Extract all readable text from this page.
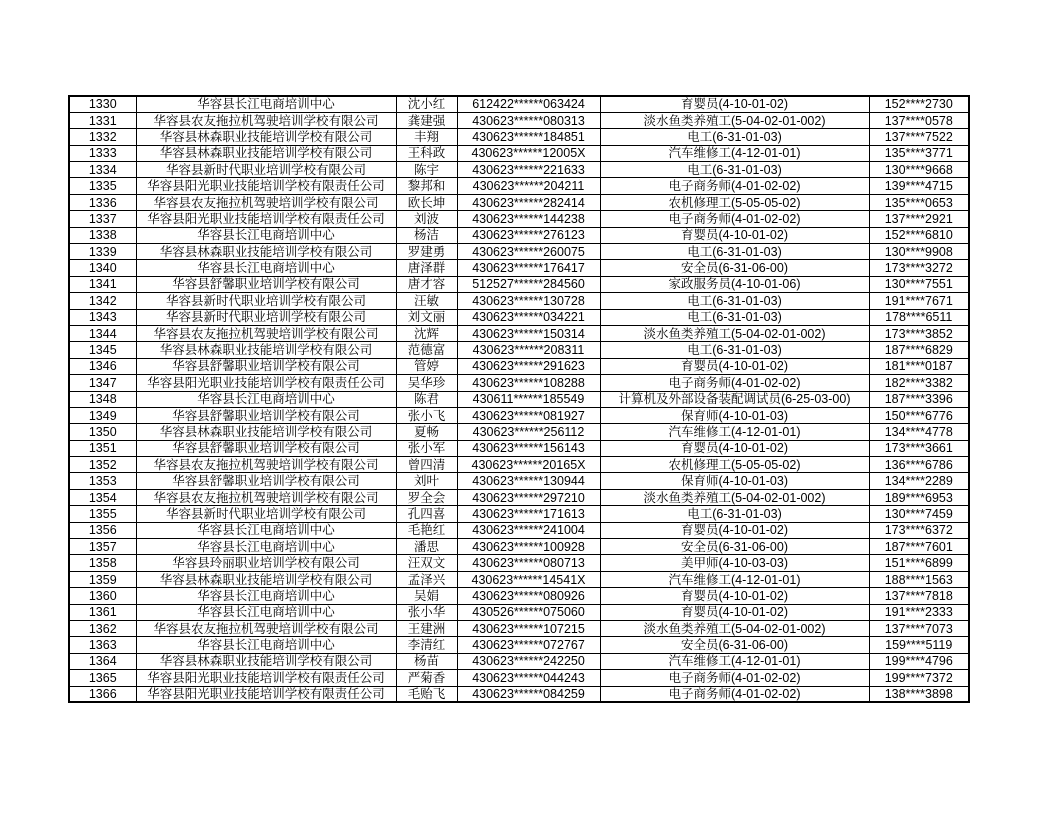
1330	华容县长江电商培训中心	沈小红	612422******063424	育婴员(4-10-01-02)	152****2730
1331	华容县农友拖拉机驾驶培训学校有限公司	龚建强	430623******080313	淡水鱼类养殖工(5-04-02-01-002)	137****0578
1332	华容县林森职业技能培训学校有限公司	丰翔	430623******184851	电工(6-31-01-03)	137****7522
1333	华容县林森职业技能培训学校有限公司	王科政	430623******12005X	汽车维修工(4-12-01-01)	135****3771
1334	华容县新时代职业培训学校有限公司	陈宇	430623******221633	电工(6-31-01-03)	130****9668
1335	华容县阳光职业技能培训学校有限责任公司	黎邦和	430623******204211	电子商务师(4-01-02-02)	139****4715
1336	华容县农友拖拉机驾驶培训学校有限公司	欧长坤	430623******282414	农机修理工(5-05-05-02)	135****0653
1337	华容县阳光职业技能培训学校有限责任公司	刘波	430623******144238	电子商务师(4-01-02-02)	137****2921
1338	华容县长江电商培训中心	杨洁	430623******276123	育婴员(4-10-01-02)	152****6810
1339	华容县林森职业技能培训学校有限公司	罗建勇	430623******260075	电工(6-31-01-03)	130****9908
1340	华容县长江电商培训中心	唐泽群	430623******176417	安全员(6-31-06-00)	173****3272
1341	华容县舒馨职业培训学校有限公司	唐才容	512527******284560	家政服务员(4-10-01-06)	130****7551
1342	华容县新时代职业培训学校有限公司	汪敏	430623******130728	电工(6-31-01-03)	191****7671
1343	华容县新时代职业培训学校有限公司	刘文丽	430623******034221	电工(6-31-01-03)	178****6511
1344	华容县农友拖拉机驾驶培训学校有限公司	沈辉	430623******150314	淡水鱼类养殖工(5-04-02-01-002)	173****3852
1345	华容县林森职业技能培训学校有限公司	范德富	430623******208311	电工(6-31-01-03)	187****6829
1346	华容县舒馨职业培训学校有限公司	管婷	430623******291623	育婴员(4-10-01-02)	181****0187
1347	华容县阳光职业技能培训学校有限责任公司	吴华珍	430623******108288	电子商务师(4-01-02-02)	182****3382
1348	华容县长江电商培训中心	陈君	430611******185549	计算机及外部设备装配调试员(6-25-03-00)	187****3396
1349	华容县舒馨职业培训学校有限公司	张小飞	430623******081927	保育师(4-10-01-03)	150****6776
1350	华容县林森职业技能培训学校有限公司	夏畅	430623******256112	汽车维修工(4-12-01-01)	134****4778
1351	华容县舒馨职业培训学校有限公司	张小军	430623******156143	育婴员(4-10-01-02)	173****3661
1352	华容县农友拖拉机驾驶培训学校有限公司	曾四清	430623******20165X	农机修理工(5-05-05-02)	136****6786
1353	华容县舒馨职业培训学校有限公司	刘叶	430623******130944	保育师(4-10-01-03)	134****2289
1354	华容县农友拖拉机驾驶培训学校有限公司	罗全会	430623******297210	淡水鱼类养殖工(5-04-02-01-002)	189****6953
1355	华容县新时代职业培训学校有限公司	孔四喜	430623******171613	电工(6-31-01-03)	130****7459
1356	华容县长江电商培训中心	毛艳红	430623******241004	育婴员(4-10-01-02)	173****6372
1357	华容县长江电商培训中心	潘思	430623******100928	安全员(6-31-06-00)	187****7601
1358	华容县玲丽职业培训学校有限公司	汪双文	430623******080713	美甲师(4-10-03-03)	151****6899
1359	华容县林森职业技能培训学校有限公司	孟泽兴	430623******14541X	汽车维修工(4-12-01-01)	188****1563
1360	华容县长江电商培训中心	吴娟	430623******080926	育婴员(4-10-01-02)	137****7818
1361	华容县长江电商培训中心	张小华	430526******075060	育婴员(4-10-01-02)	191****2333
1362	华容县农友拖拉机驾驶培训学校有限公司	王建洲	430623******107215	淡水鱼类养殖工(5-04-02-01-002)	137****7073
1363	华容县长江电商培训中心	李清红	430623******072767	安全员(6-31-06-00)	159****5119
1364	华容县林森职业技能培训学校有限公司	杨苗	430623******242250	汽车维修工(4-12-01-01)	199****4796
1365	华容县阳光职业技能培训学校有限责任公司	严菊香	430623******044243	电子商务师(4-01-02-02)	199****7372
1366	华容县阳光职业技能培训学校有限责任公司	毛贻飞	430623******084259	电子商务师(4-01-02-02)	138****3898
